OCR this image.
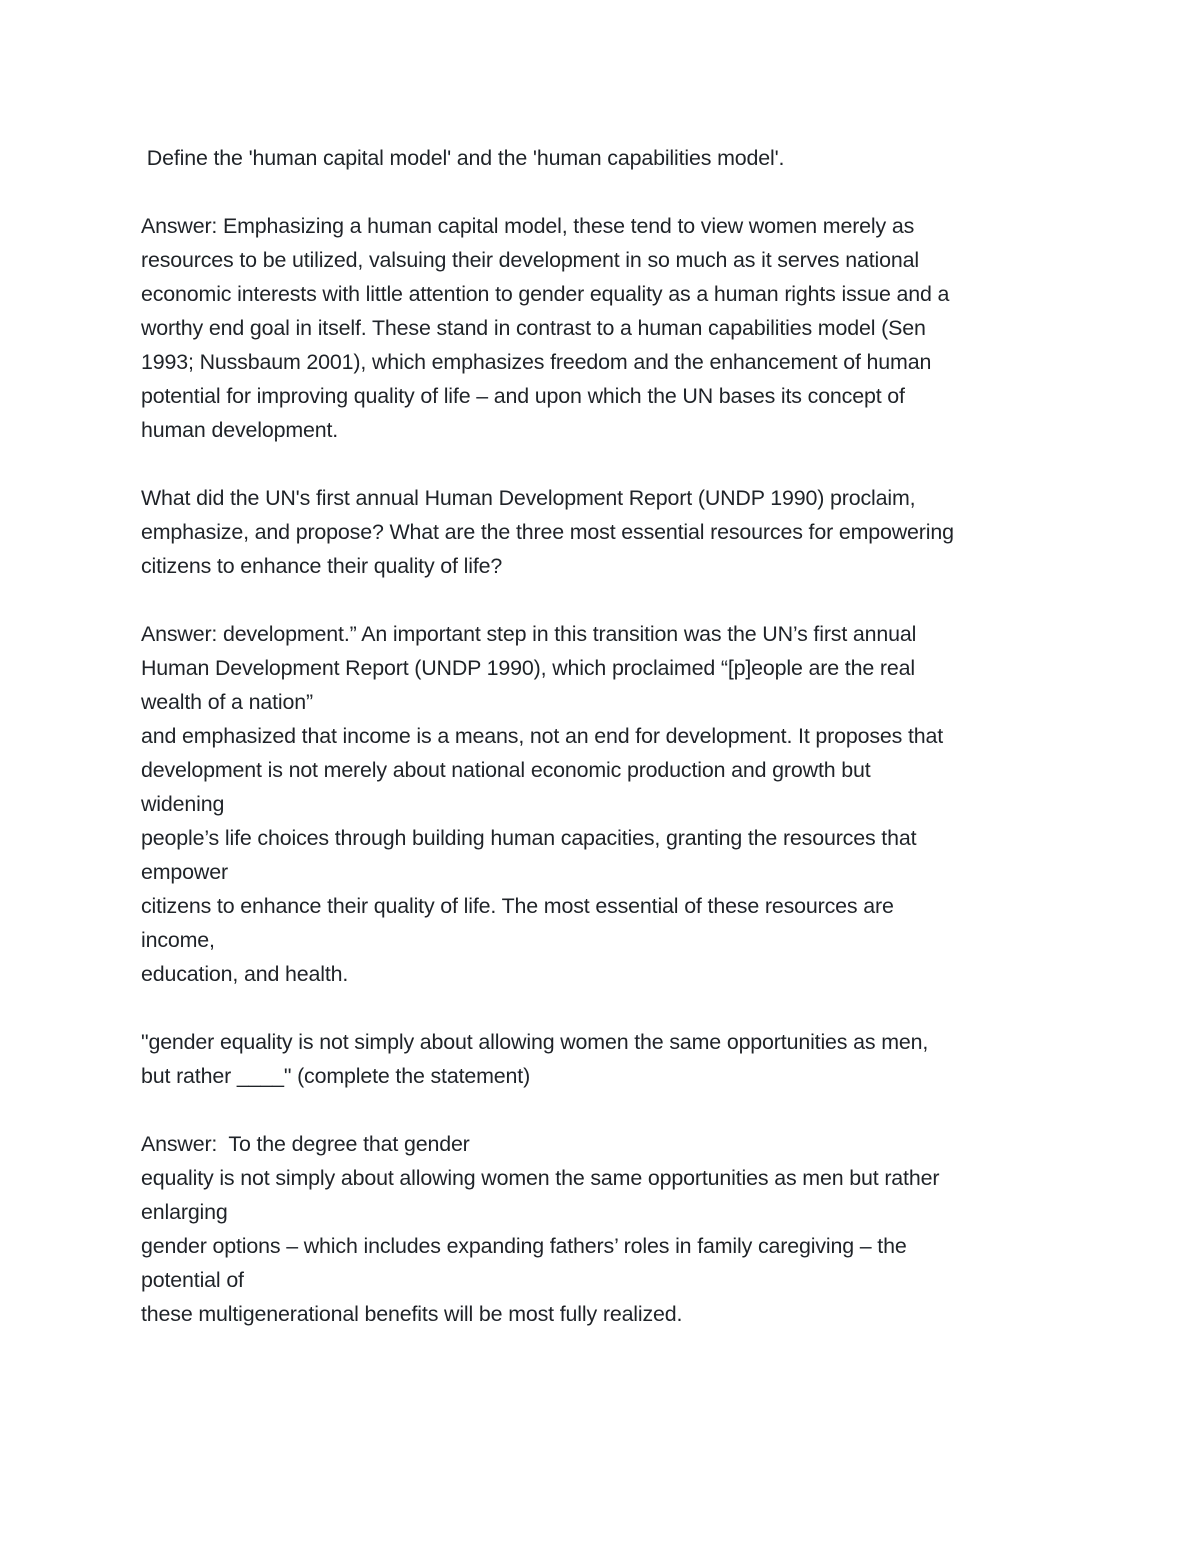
Define the 'human capital model' and the 'human capabilities model'.

Answer: Emphasizing a human capital model, these tend to view women merely as

resources to be utilized, valsuing their development in so much as it serves national

economic interests with little attention to gender equality as a human rights issue and a

worthy end goal in itself. These stand in contrast to a human capabilities model (Sen

1993; Nussbaum 2001), which emphasizes freedom and the enhancement of human

potential for improving quality of life – and upon which the UN bases its concept of

human development.

What did the UN's first annual Human Development Report (UNDP 1990) proclaim,

emphasize, and propose? What are the three most essential resources for empowering

citizens to enhance their quality of life?

Answer: development.” An important step in this transition was the UN’s first annual

Human Development Report (UNDP 1990), which proclaimed “[p]eople are the real

wealth of a nation”

and emphasized that income is a means, not an end for development. It proposes that

development is not merely about national economic production and growth but

widening

people’s life choices through building human capacities, granting the resources that

empower

citizens to enhance their quality of life. The most essential of these resources are

income,

education, and health.

"gender equality is not simply about allowing women the same opportunities as men,

but rather ____" (complete the statement)

Answer:  To the degree that gender

equality is not simply about allowing women the same opportunities as men but rather

enlarging

gender options – which includes expanding fathers’ roles in family caregiving – the

potential of

these multigenerational benefits will be most fully realized.
